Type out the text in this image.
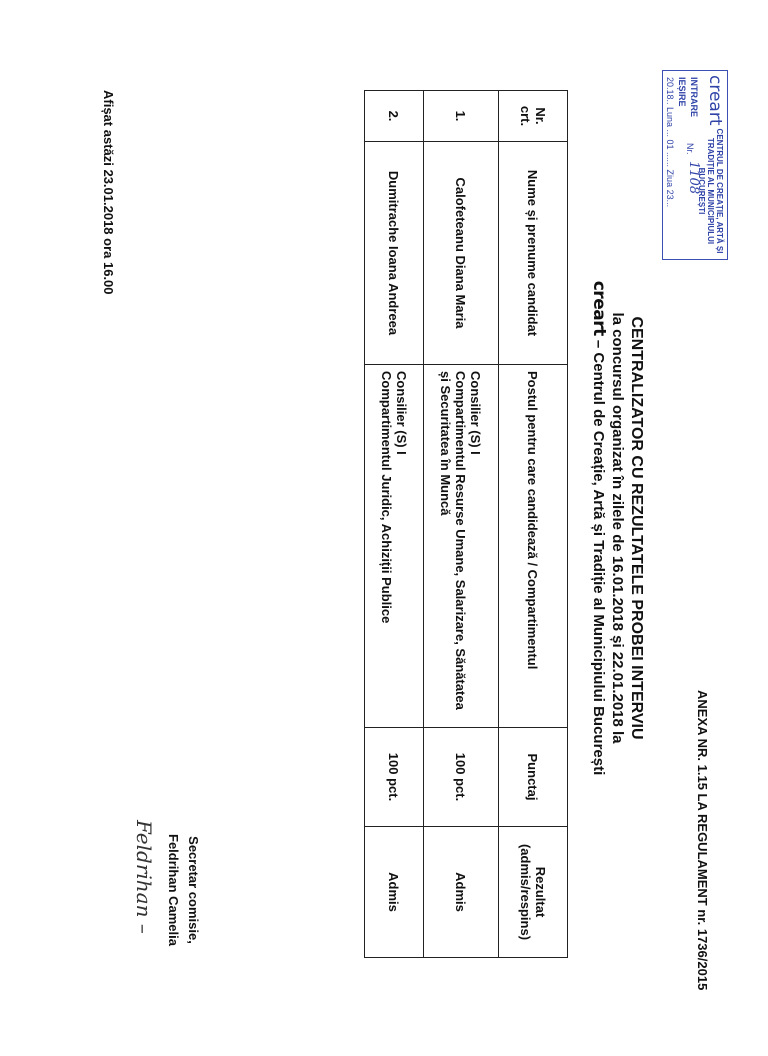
creart
CENTRUL DE CREAȚIE, ARTĂ ȘI TRADIȚIE AL MUNICIPIULUI BUCUREȘTI
INTRARE
IEȘIRE
Nr.
1108
20.18.. Luna ... 01 ...... Ziua 23...
ANEXA NR. 1.15 LA REGULAMENT nr. 1736/2015
CENTRALIZATOR CU REZULTATELE PROBEI INTERVIU
la concursul organizat în zilele de 16.01.2018 și 22.01.2018 la
creart – Centrul de Creație, Artă și Tradiție al Municipiului București
Nr. crt.	Nume și prenume candidat	Postul pentru care candidează / Compartimentul	Punctaj	Rezultat (admis/respins)
1.	Calofeteanu Diana Maria	Consilier (S) I
Compartimentul Resurse Umane, Salarizare, Sănătatea și Securitatea în Muncă	100 pct.	Admis
2.	Dumitrache Ioana Andreea	Consilier (S) I
Compartimentul Juridic, Achiziții Publice	100 pct.	Admis
Afișat astăzi 23.01.2018 ora 16.00
Secretar comisie,
Feldrihan Camelia
Feldrihan –
